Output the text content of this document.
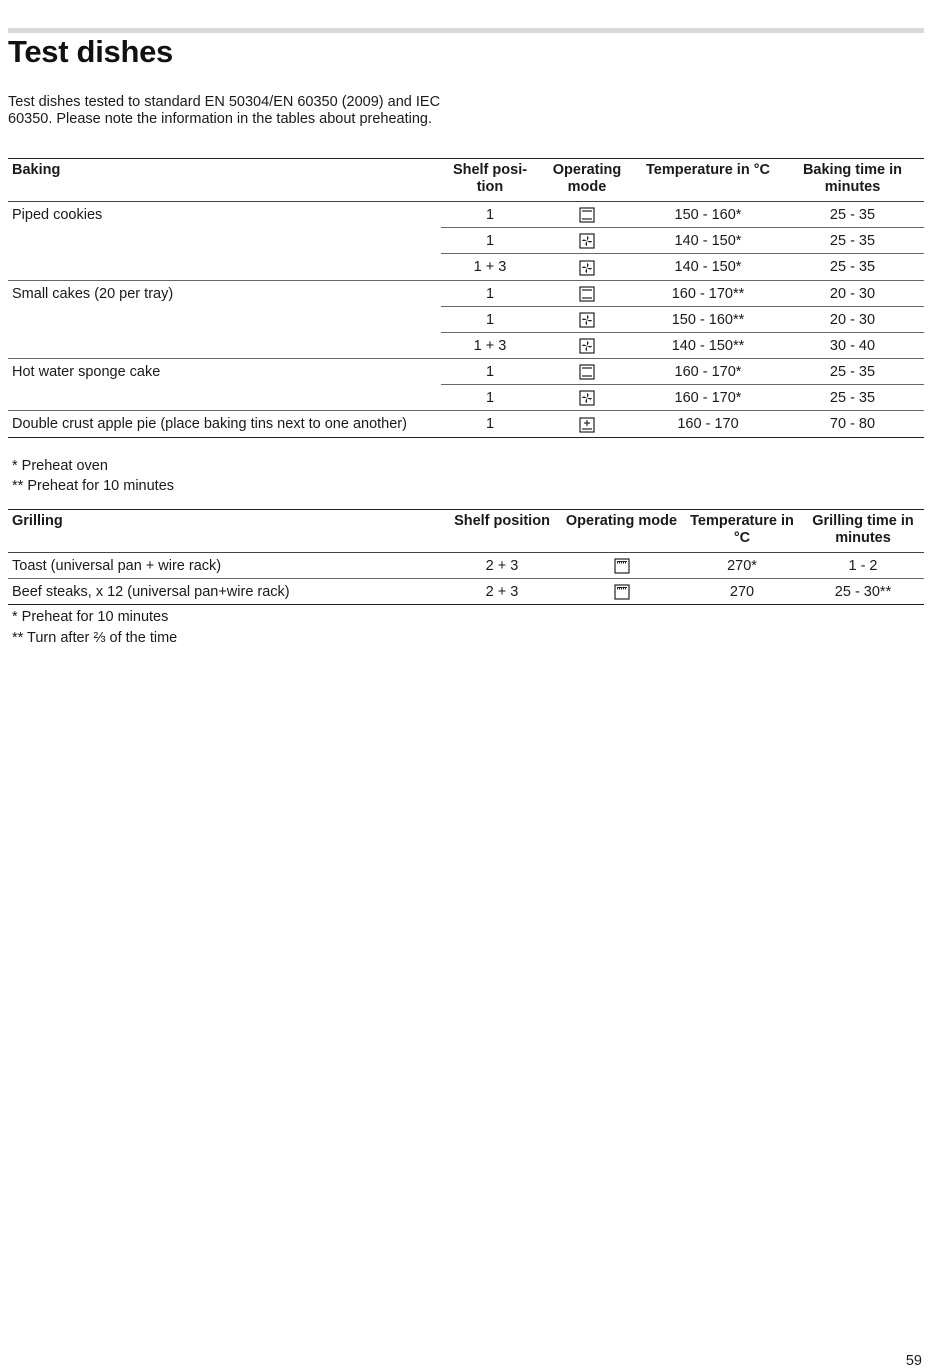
Test dishes

Test dishes tested to standard EN 50304/EN 60350 (2009) and IEC 60350. Please note the information in the tables about preheating.

Baking	Shelf posi-tion	Operating mode	Temperature in °C	Baking time in minutes
Piped cookies	1		150 - 160*	25 - 35
	1		140 - 150*	25 - 35
	1 + 3		140 - 150*	25 - 35
Small cakes (20 per tray)	1		160 - 170**	20 - 30
	1		150 - 160**	20 - 30
	1 + 3		140 - 150**	30 - 40
Hot water sponge cake	1		160 - 170*	25 - 35
	1		160 - 170*	25 - 35
Double crust apple pie (place baking tins next to one another)	1		160 - 170	70 - 80

* Preheat oven

** Preheat for 10 minutes

Grilling	Shelf position	Operating mode	Temperature in °C	Grilling time in minutes
Toast (universal pan + wire rack)	2 + 3		270*	1 - 2
Beef steaks, x 12 (universal pan+wire rack)	2 + 3		270	25 - 30**

* Preheat for 10 minutes

** Turn after ⅔ of the time

59
